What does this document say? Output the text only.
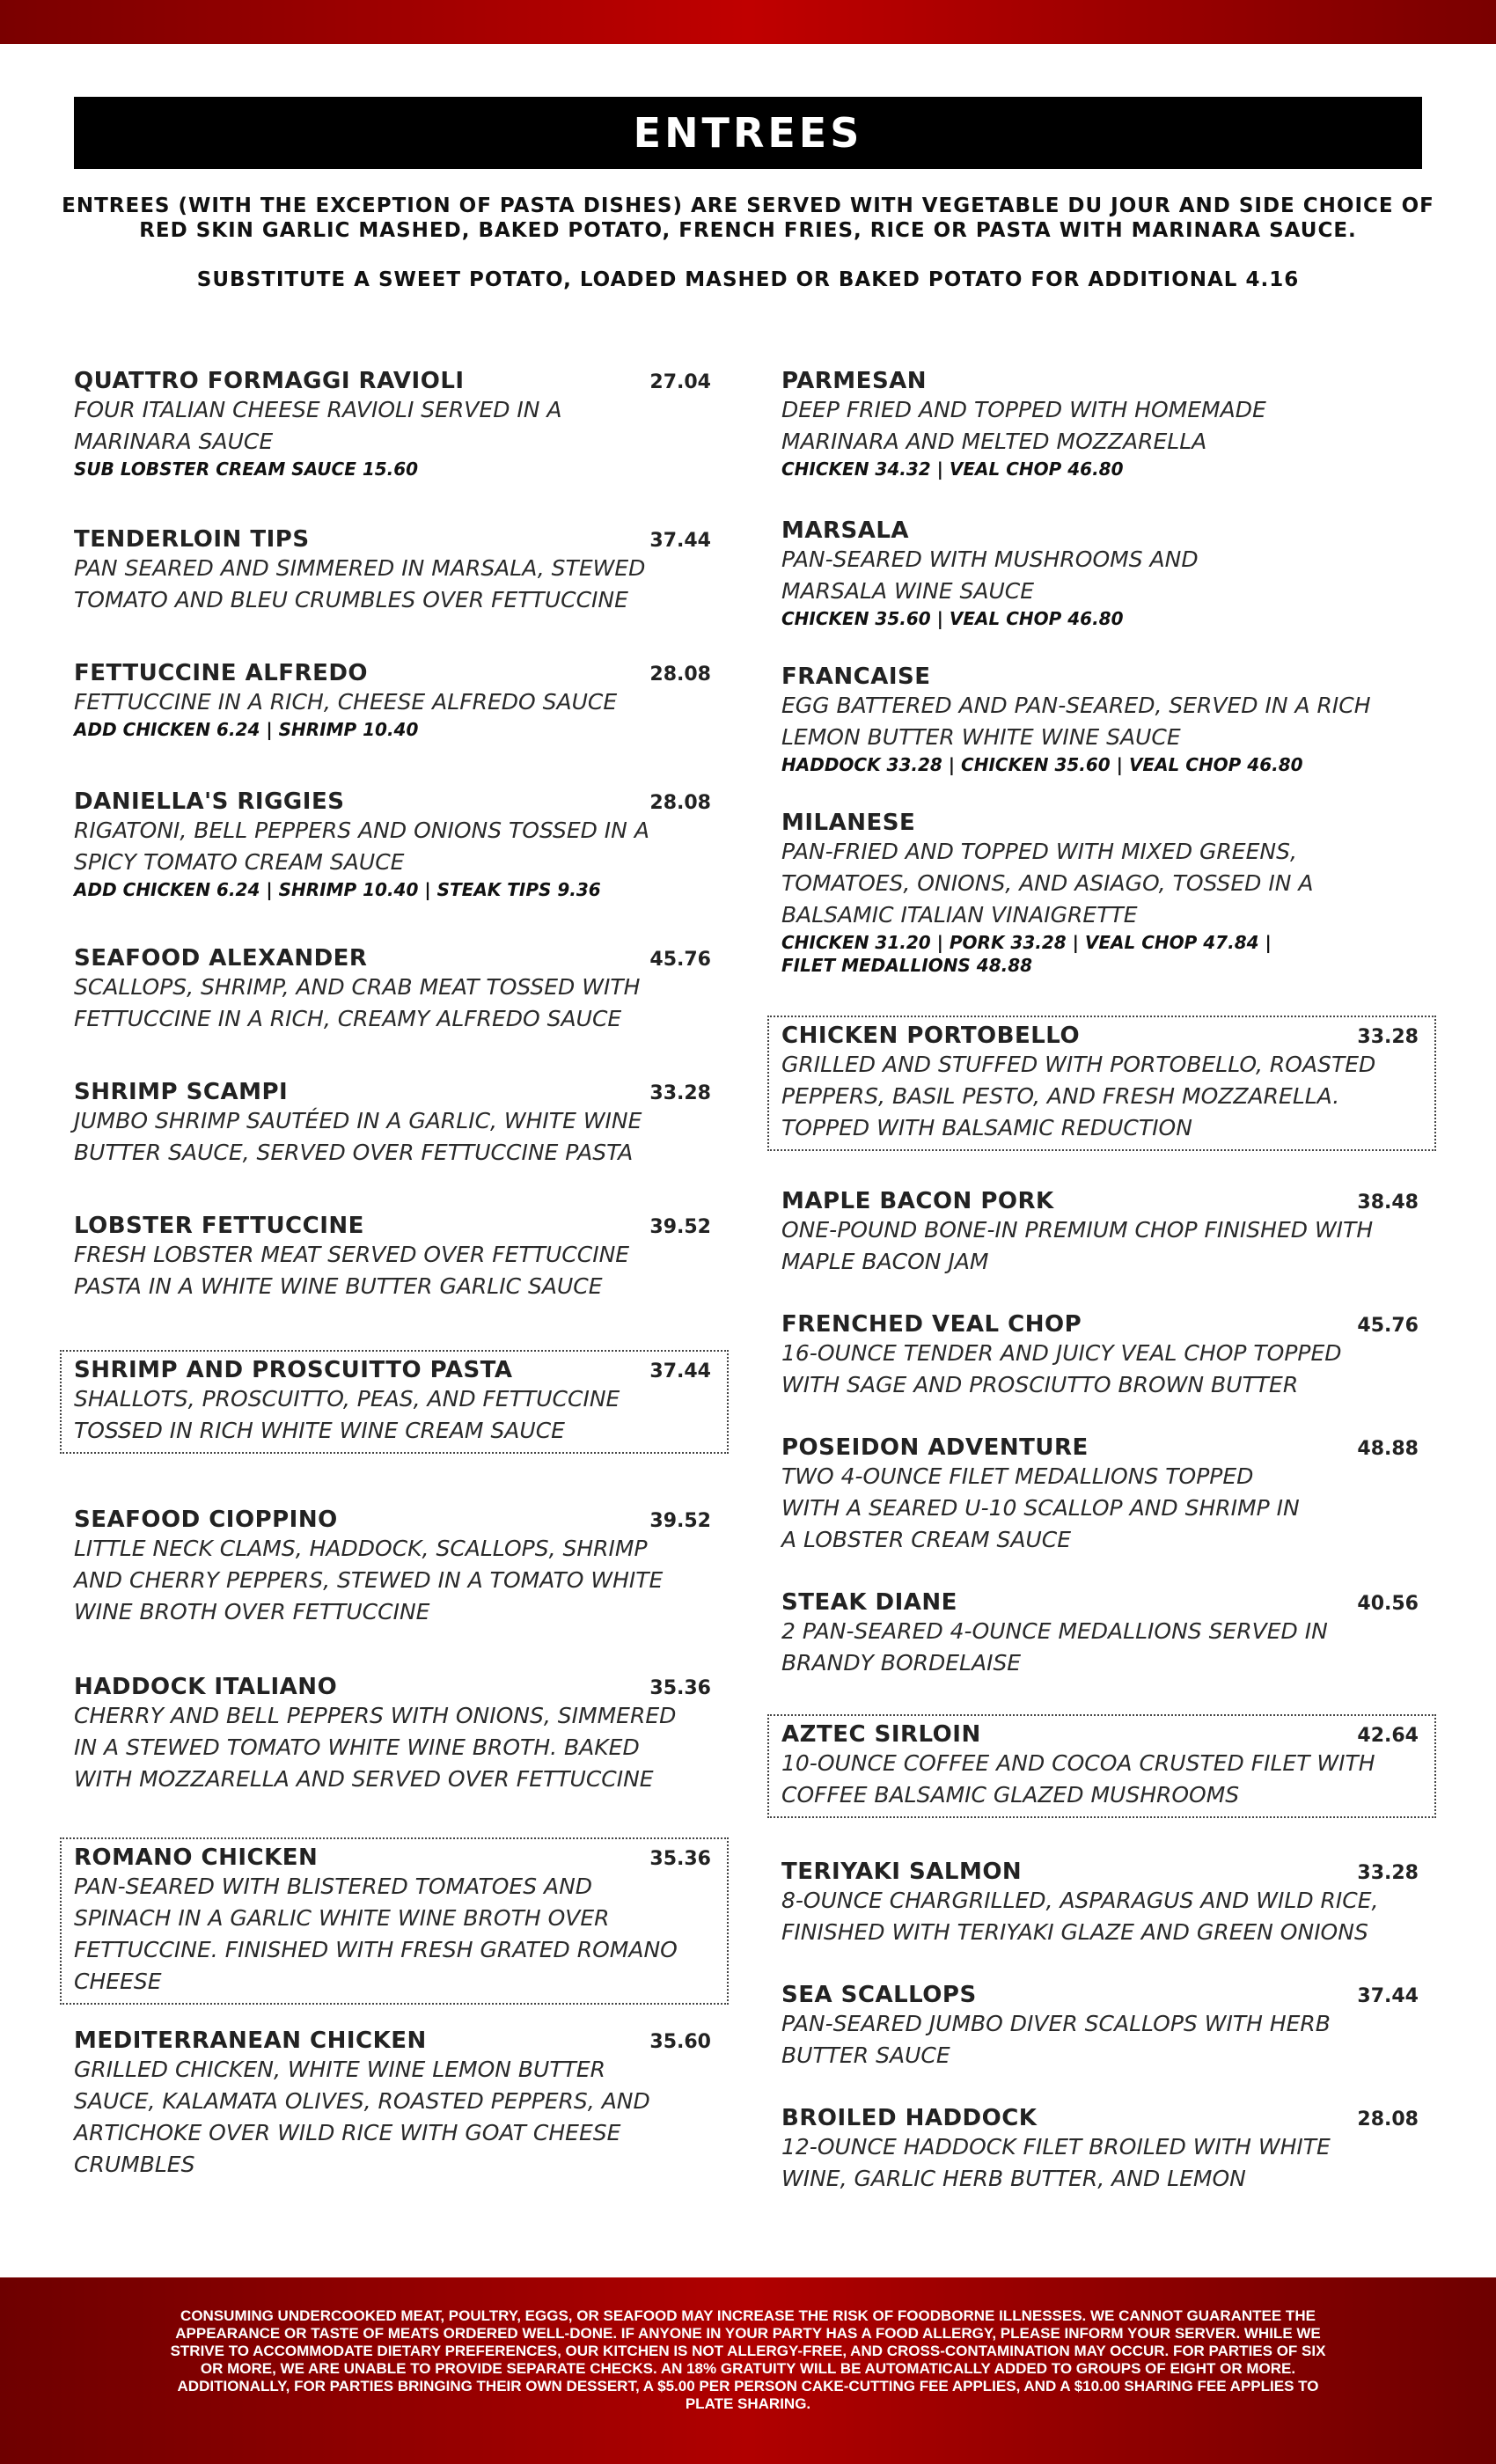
ENTREES
ENTREES (WITH THE EXCEPTION OF PASTA DISHES) ARE SERVED WITH VEGETABLE DU JOUR AND SIDE CHOICE OF RED SKIN GARLIC MASHED, BAKED POTATO, FRENCH FRIES, RICE OR PASTA WITH MARINARA SAUCE.
SUBSTITUTE A SWEET POTATO, LOADED MASHED OR BAKED POTATO FOR ADDITIONAL 4.16
QUATTRO FORMAGGI RAVIOLI	27.04
FOUR ITALIAN CHEESE RAVIOLI SERVED IN A MARINARA SAUCE
SUB LOBSTER CREAM SAUCE 15.60
TENDERLOIN TIPS	37.44
PAN SEARED AND SIMMERED IN MARSALA, STEWED TOMATO AND BLEU CRUMBLES OVER FETTUCCINE
FETTUCCINE ALFREDO	28.08
FETTUCCINE IN A RICH, CHEESE ALFREDO SAUCE
ADD CHICKEN 6.24 | SHRIMP 10.40
DANIELLA'S RIGGIES	28.08
RIGATONI, BELL PEPPERS AND ONIONS TOSSED IN A SPICY TOMATO CREAM SAUCE
ADD CHICKEN 6.24 | SHRIMP 10.40 | STEAK TIPS 9.36
SEAFOOD ALEXANDER	45.76
SCALLOPS, SHRIMP, AND CRAB MEAT TOSSED WITH FETTUCCINE IN A RICH, CREAMY ALFREDO SAUCE
SHRIMP SCAMPI	33.28
JUMBO SHRIMP SAUTÉED IN A GARLIC, WHITE WINE BUTTER SAUCE, SERVED OVER FETTUCCINE PASTA
LOBSTER FETTUCCINE	39.52
FRESH LOBSTER MEAT SERVED OVER FETTUCCINE PASTA IN A WHITE WINE BUTTER GARLIC SAUCE
SHRIMP AND PROSCUITTO PASTA	37.44
SHALLOTS, PROSCUITTO, PEAS, AND FETTUCCINE TOSSED IN RICH WHITE WINE CREAM SAUCE
SEAFOOD CIOPPINO	39.52
LITTLE NECK CLAMS, HADDOCK, SCALLOPS, SHRIMP AND CHERRY PEPPERS, STEWED IN A TOMATO WHITE WINE BROTH OVER FETTUCCINE
HADDOCK ITALIANO	35.36
CHERRY AND BELL PEPPERS WITH ONIONS, SIMMERED IN A STEWED TOMATO WHITE WINE BROTH. BAKED WITH MOZZARELLA AND SERVED OVER FETTUCCINE
ROMANO CHICKEN	35.36
PAN-SEARED WITH BLISTERED TOMATOES AND SPINACH IN A GARLIC WHITE WINE BROTH OVER FETTUCCINE. FINISHED WITH FRESH GRATED ROMANO CHEESE
MEDITERRANEAN CHICKEN	35.60
GRILLED CHICKEN, WHITE WINE LEMON BUTTER SAUCE, KALAMATA OLIVES, ROASTED PEPPERS, AND ARTICHOKE OVER WILD RICE WITH GOAT CHEESE CRUMBLES
PARMESAN
DEEP FRIED AND TOPPED WITH HOMEMADE MARINARA AND MELTED MOZZARELLA
CHICKEN 34.32 | VEAL CHOP 46.80
MARSALA
PAN-SEARED WITH MUSHROOMS AND MARSALA WINE SAUCE
CHICKEN 35.60 | VEAL CHOP 46.80
FRANCAISE
EGG BATTERED AND PAN-SEARED, SERVED IN A RICH LEMON BUTTER WHITE WINE SAUCE
HADDOCK 33.28 | CHICKEN 35.60 | VEAL CHOP 46.80
MILANESE
PAN-FRIED AND TOPPED WITH MIXED GREENS, TOMATOES, ONIONS, AND ASIAGO, TOSSED IN A BALSAMIC ITALIAN VINAIGRETTE
CHICKEN 31.20 | PORK 33.28 | VEAL CHOP 47.84 | FILET MEDALLIONS 48.88
CHICKEN PORTOBELLO	33.28
GRILLED AND STUFFED WITH PORTOBELLO, ROASTED PEPPERS, BASIL PESTO, AND FRESH MOZZARELLA. TOPPED WITH BALSAMIC REDUCTION
MAPLE BACON PORK	38.48
ONE-POUND BONE-IN PREMIUM CHOP FINISHED WITH MAPLE BACON JAM
FRENCHED VEAL CHOP	45.76
16-OUNCE TENDER AND JUICY VEAL CHOP TOPPED WITH SAGE AND PROSCIUTTO BROWN BUTTER
POSEIDON ADVENTURE	48.88
TWO 4-OUNCE FILET MEDALLIONS TOPPED WITH A SEARED U-10 SCALLOP AND SHRIMP IN A LOBSTER CREAM SAUCE
STEAK DIANE	40.56
2 PAN-SEARED 4-OUNCE MEDALLIONS SERVED IN BRANDY BORDELAISE
AZTEC SIRLOIN	42.64
10-OUNCE COFFEE AND COCOA CRUSTED FILET WITH COFFEE BALSAMIC GLAZED MUSHROOMS
TERIYAKI SALMON	33.28
8-OUNCE CHARGRILLED, ASPARAGUS AND WILD RICE, FINISHED WITH TERIYAKI GLAZE AND GREEN ONIONS
SEA SCALLOPS	37.44
PAN-SEARED JUMBO DIVER SCALLOPS WITH HERB BUTTER SAUCE
BROILED HADDOCK	28.08
12-OUNCE HADDOCK FILET BROILED WITH WHITE WINE, GARLIC HERB BUTTER, AND LEMON
CONSUMING UNDERCOOKED MEAT, POULTRY, EGGS, OR SEAFOOD MAY INCREASE THE RISK OF FOODBORNE ILLNESSES. WE CANNOT GUARANTEE THE APPEARANCE OR TASTE OF MEATS ORDERED WELL-DONE. IF ANYONE IN YOUR PARTY HAS A FOOD ALLERGY, PLEASE INFORM YOUR SERVER. WHILE WE STRIVE TO ACCOMMODATE DIETARY PREFERENCES, OUR KITCHEN IS NOT ALLERGY-FREE, AND CROSS-CONTAMINATION MAY OCCUR. FOR PARTIES OF SIX OR MORE, WE ARE UNABLE TO PROVIDE SEPARATE CHECKS. AN 18% GRATUITY WILL BE AUTOMATICALLY ADDED TO GROUPS OF EIGHT OR MORE. ADDITIONALLY, FOR PARTIES BRINGING THEIR OWN DESSERT, A $5.00 PER PERSON CAKE-CUTTING FEE APPLIES, AND A $10.00 SHARING FEE APPLIES TO PLATE SHARING.
